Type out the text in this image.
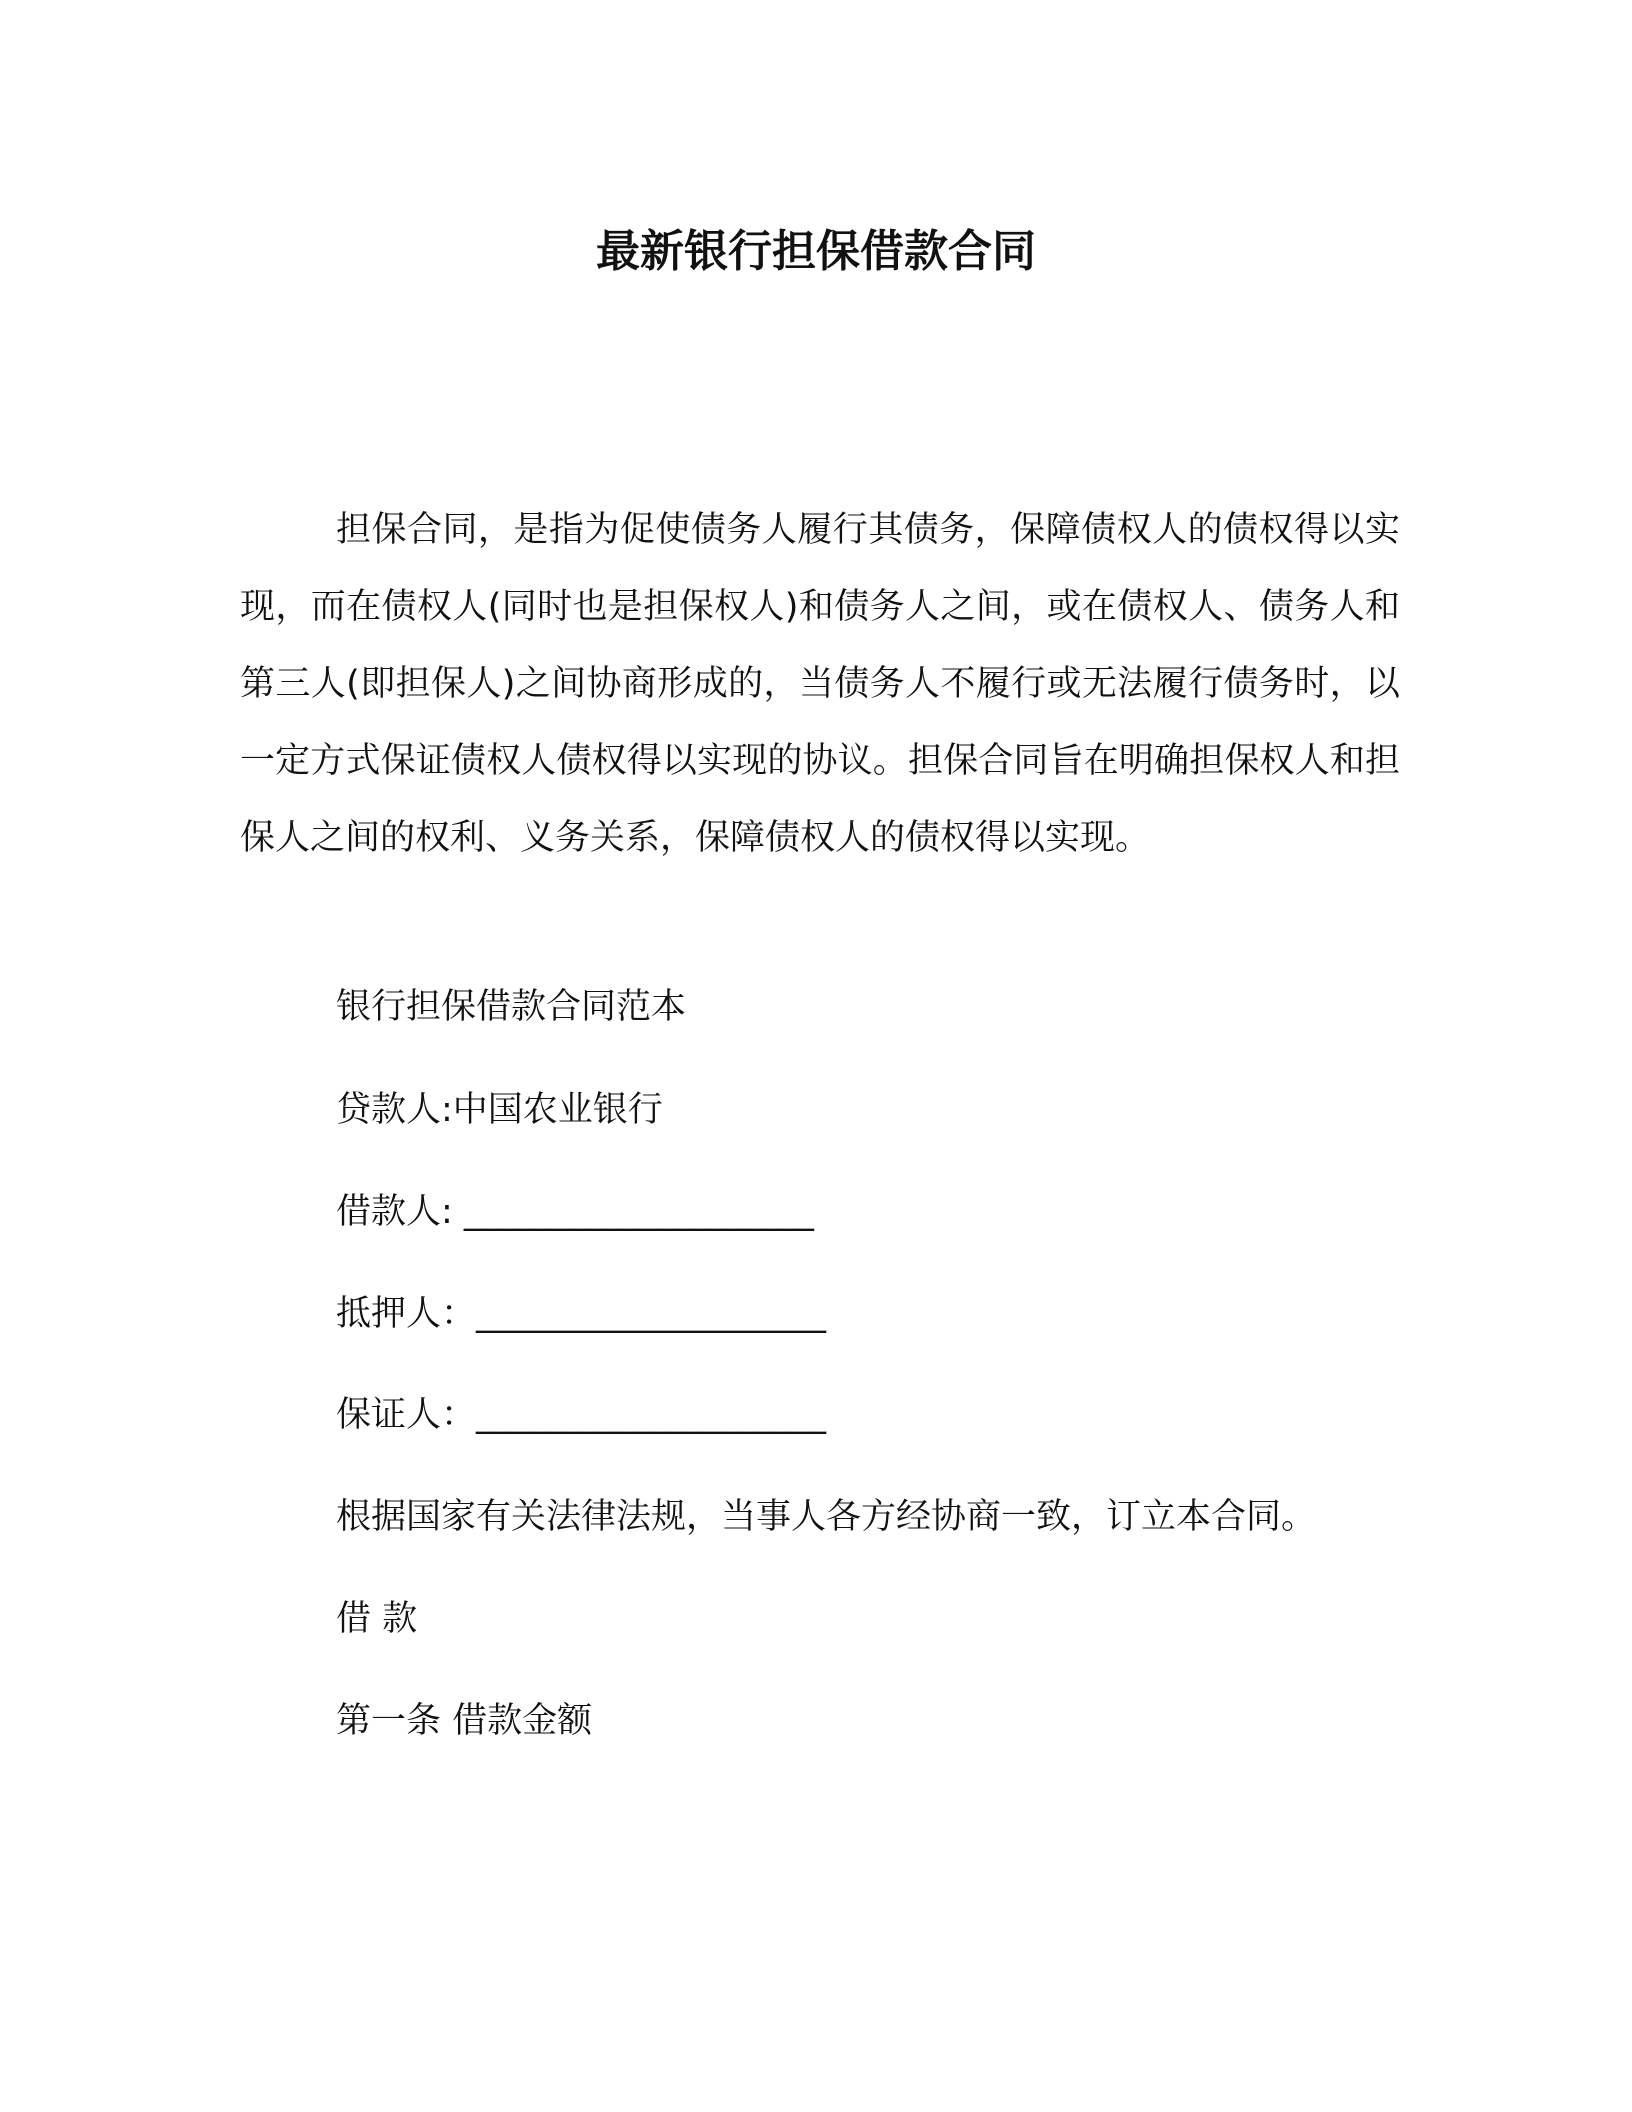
最新银行担保借款合同

担保合同，是指为促使债务人履行其债务，保障债权人的债权得以实现，而在债权人(同时也是担保权人)和债务人之间，或在债权人、债务人和第三人(即担保人)之间协商形成的，当债务人不履行或无法履行债务时，以一定方式保证债权人债权得以实现的协议。担保合同旨在明确担保权人和担保人之间的权利、义务关系，保障债权人的债权得以实现。

银行担保借款合同范本

贷款人:中国农业银行

借款人: ____________________

抵押人：____________________

保证人：____________________

根据国家有关法律法规，当事人各方经协商一致，订立本合同。

借 款

第一条 借款金额
